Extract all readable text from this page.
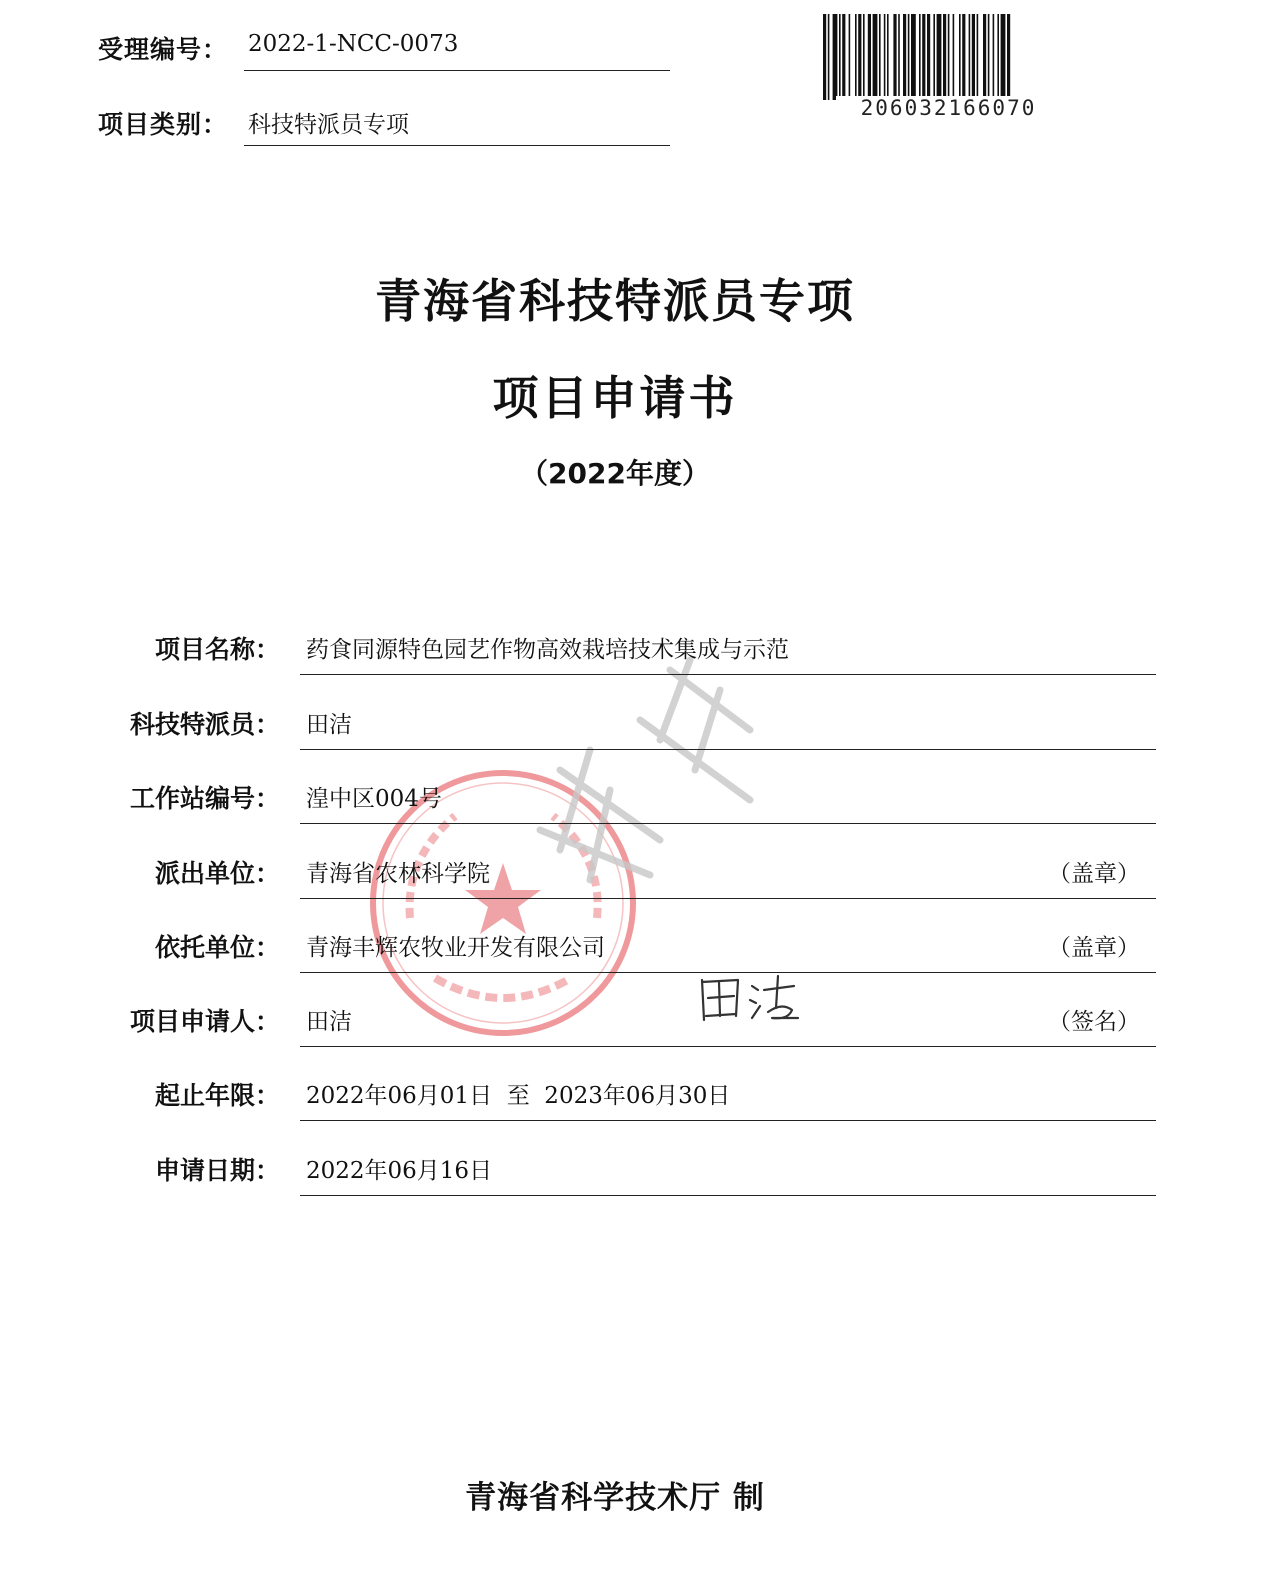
受理编号： 2022-1-NCC-0073
项目类别： 科技特派员专项
206032166070
青海省科技特派员专项
项目申请书
（2022年度）
项目名称： 药食同源特色园艺作物高效栽培技术集成与示范
科技特派员： 田洁
工作站编号： 湟中区004号
派出单位： 青海省农林科学院	（盖章）
依托单位： 青海丰辉农牧业开发有限公司	（盖章）
项目申请人： 田洁	（签名）
起止年限： 2022年06月01日  至  2023年06月30日
申请日期： 2022年06月16日
青海省科学技术厅 制
